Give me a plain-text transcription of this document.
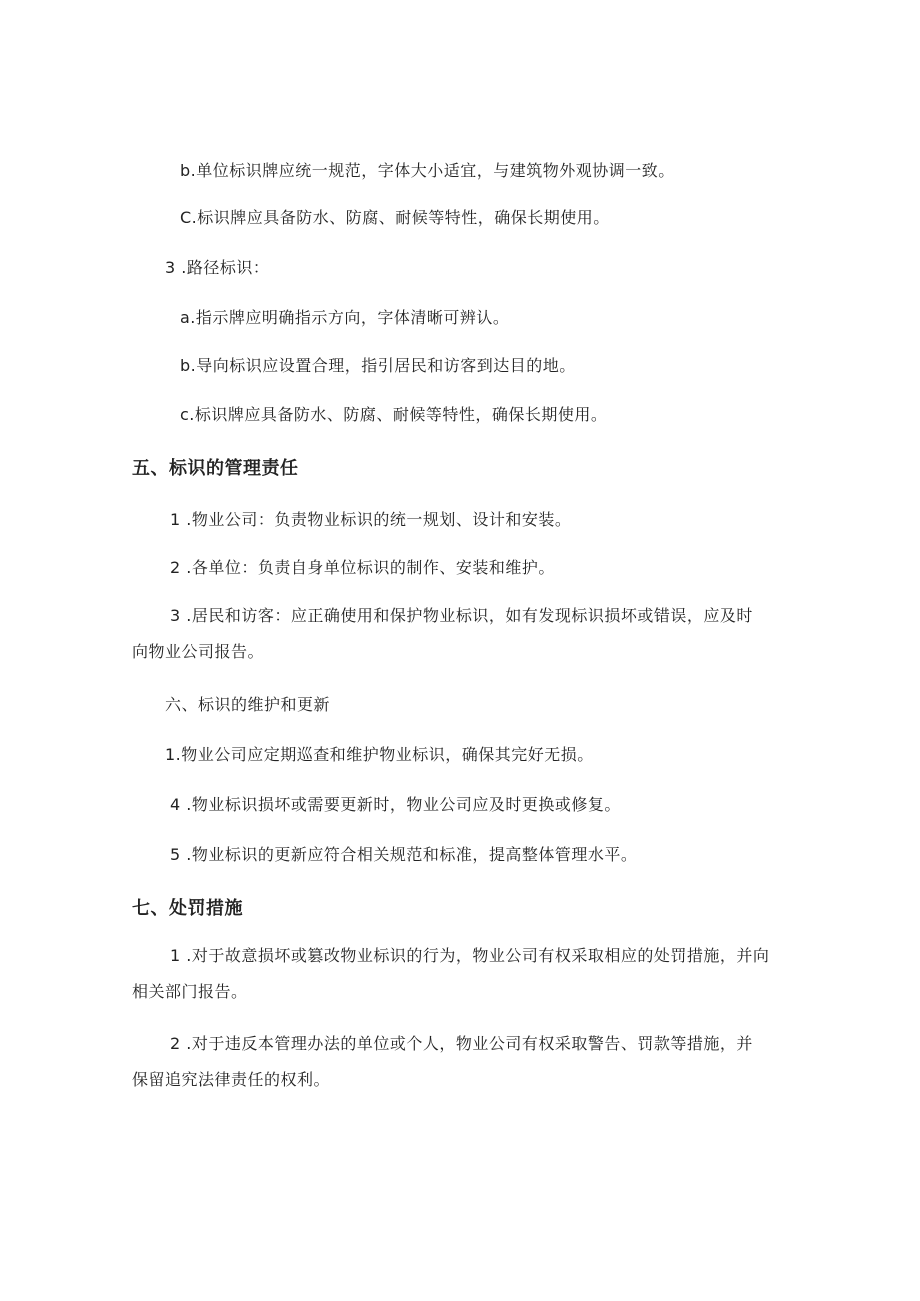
b.单位标识牌应统一规范，字体大小适宜，与建筑物外观协调一致。
C.标识牌应具备防水、防腐、耐候等特性，确保长期使用。
3 .路径标识：
a.指示牌应明确指示方向，字体清晰可辨认。
b.导向标识应设置合理，指引居民和访客到达目的地。
c.标识牌应具备防水、防腐、耐候等特性，确保长期使用。
五、标识的管理责任
1 .物业公司：负责物业标识的统一规划、设计和安装。
2 .各单位：负责自身单位标识的制作、安装和维护。
3 .居民和访客：应正确使用和保护物业标识，如有发现标识损坏或错误，应及时
向物业公司报告。
六、标识的维护和更新
1.物业公司应定期巡查和维护物业标识，确保其完好无损。
4 .物业标识损坏或需要更新时，物业公司应及时更换或修复。
5 .物业标识的更新应符合相关规范和标准，提高整体管理水平。
七、处罚措施
1 .对于故意损坏或篡改物业标识的行为，物业公司有权采取相应的处罚措施，并向
相关部门报告。
2 .对于违反本管理办法的单位或个人，物业公司有权采取警告、罚款等措施，并
保留追究法律责任的权利。
